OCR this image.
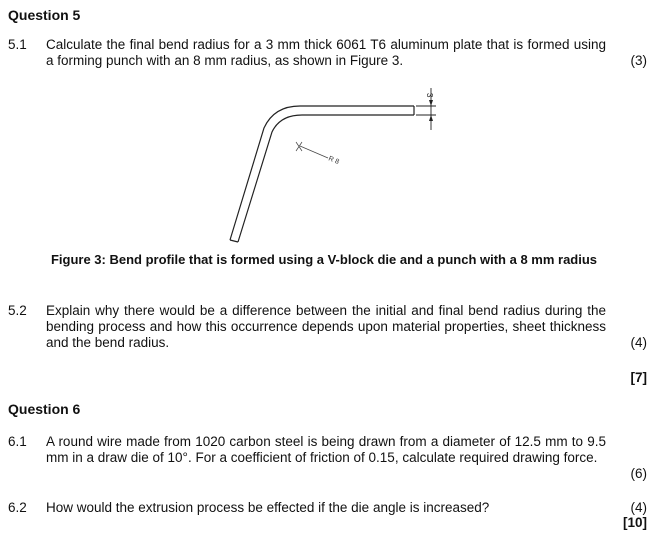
Question 5
5.1 Calculate the final bend radius for a 3 mm thick 6061 T6 aluminum plate that is formed using a forming punch with an 8 mm radius, as shown in Figure 3.	(3)
3
R 8
Figure 3: Bend profile that is formed using a V-block die and a punch with a 8 mm radius
5.2 Explain why there would be a difference between the initial and final bend radius during the bending process and how this occurrence depends upon material properties, sheet thickness and the bend radius.	(4)
[7]
Question 6
6.1 A round wire made from 1020 carbon steel is being drawn from a diameter of 12.5 mm to 9.5 mm in a draw die of 10°. For a coefficient of friction of 0.15, calculate required drawing force.
(6)
6.2 How would the extrusion process be effected if the die angle is increased?	(4)
[10]
